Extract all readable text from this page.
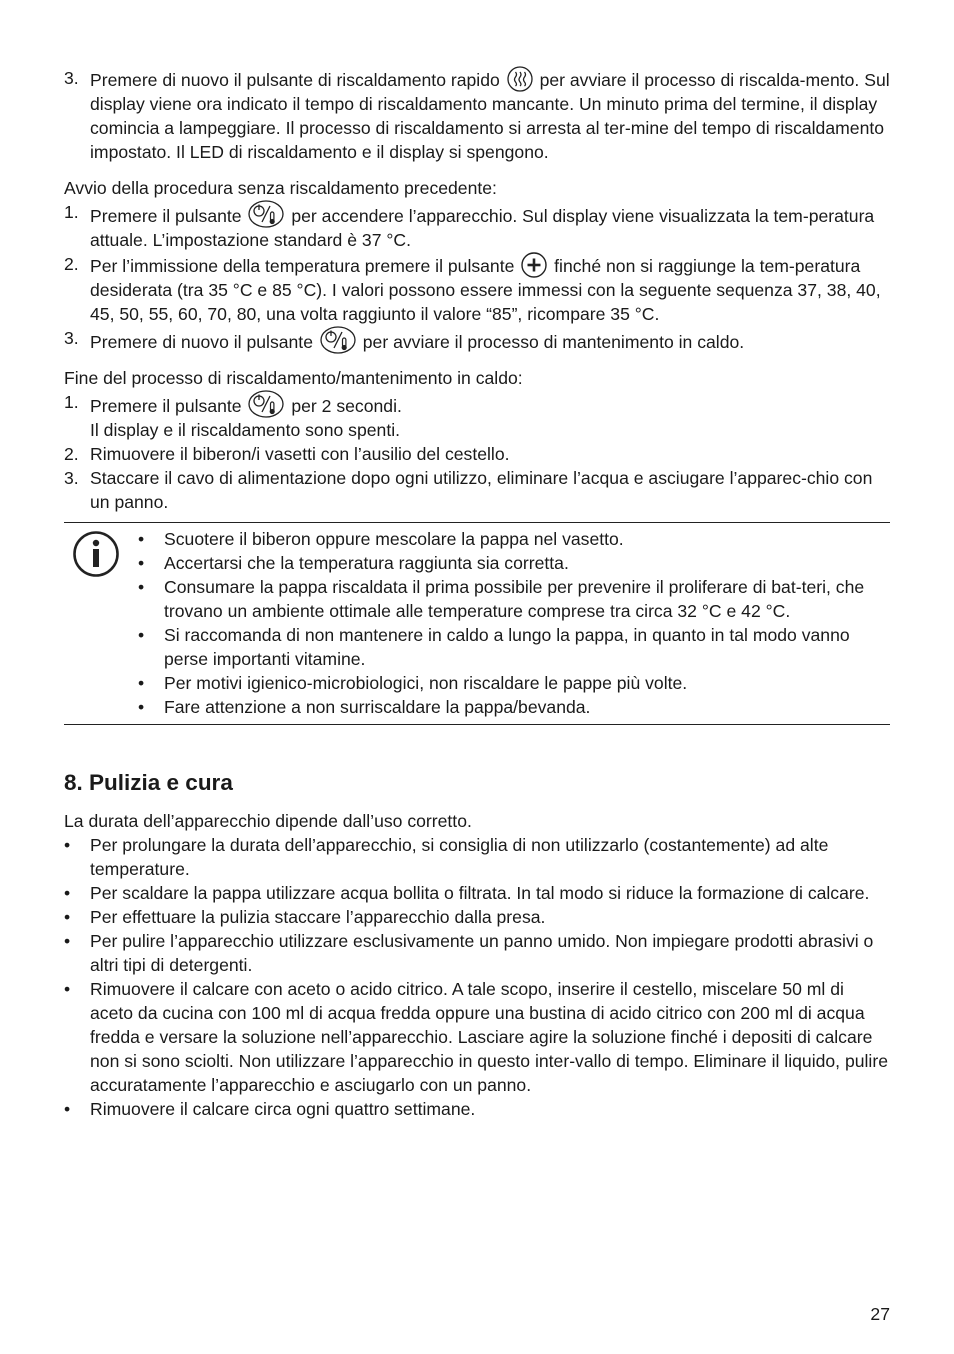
3. Premere di nuovo il pulsante di riscaldamento rapido per avviare il processo di riscalda-mento. Sul display viene ora indicato il tempo di riscaldamento mancante. Un minuto prima del termine, il display comincia a lampeggiare. Il processo di riscaldamento si arresta al ter-mine del tempo di riscaldamento impostato. Il LED di riscaldamento e il display si spengono.

Avvio della procedura senza riscaldamento precedente:

1. Premere il pulsante	per accendere l’apparecchio. Sul display viene visualizzata la tem-peratura attuale. L’impostazione standard è 37 °C.
2. Per l’immissione della temperatura premere il pulsante finché non si raggiunge la tem-peratura desiderata (tra 35 °C e 85 °C). I valori possono essere immessi con la seguente sequenza 37, 38, 40, 45, 50, 55, 60, 70, 80, una volta raggiunto il valore “85”, ricompare 35 °C.
3. Premere di nuovo il pulsante	per avviare il processo di mantenimento in caldo.

Fine del processo di riscaldamento/mantenimento in caldo:

1. Premere il pulsante	per 2 secondi.
Il display e il riscaldamento sono spenti.
2. Rimuovere il biberon/i vasetti con l’ausilio del cestello.
3. Staccare il cavo di alimentazione dopo ogni utilizzo, eliminare l’acqua e asciugare l’apparec-chio con un panno.
• Scuotere il biberon oppure mescolare la pappa nel vasetto.
• Accertarsi che la temperatura raggiunta sia corretta.
• Consumare la pappa riscaldata il prima possibile per prevenire il proliferare di bat-teri, che trovano un ambiente ottimale alle temperature comprese tra circa 32 °C e 42 °C.
• Si raccomanda di non mantenere in caldo a lungo la pappa, in quanto in tal modo vanno perse importanti vitamine.
• Per motivi igienico-microbiologici, non riscaldare le pappe più volte.
• Fare attenzione a non surriscaldare la pappa/bevanda.
8. Pulizia e cura

La durata dell’apparecchio dipende dall’uso corretto.

• Per prolungare la durata dell’apparecchio, si consiglia di non utilizzarlo (costantemente) ad alte temperature.
• Per scaldare la pappa utilizzare acqua bollita o filtrata. In tal modo si riduce la formazione di calcare.
• Per effettuare la pulizia staccare l’apparecchio dalla presa.
• Per pulire l’apparecchio utilizzare esclusivamente un panno umido. Non impiegare prodotti abrasivi o altri tipi di detergenti.
• Rimuovere il calcare con aceto o acido citrico. A tale scopo, inserire il cestello, miscelare 50 ml di aceto da cucina con 100 ml di acqua fredda oppure una bustina di acido citrico con 200 ml di acqua fredda e versare la soluzione nell’apparecchio. Lasciare agire la soluzione finché i depositi di calcare non si sono sciolti. Non utilizzare l’apparecchio in questo inter-vallo di tempo. Eliminare il liquido, pulire accuratamente l’apparecchio e asciugarlo con un panno.
• Rimuovere il calcare circa ogni quattro settimane.
27
